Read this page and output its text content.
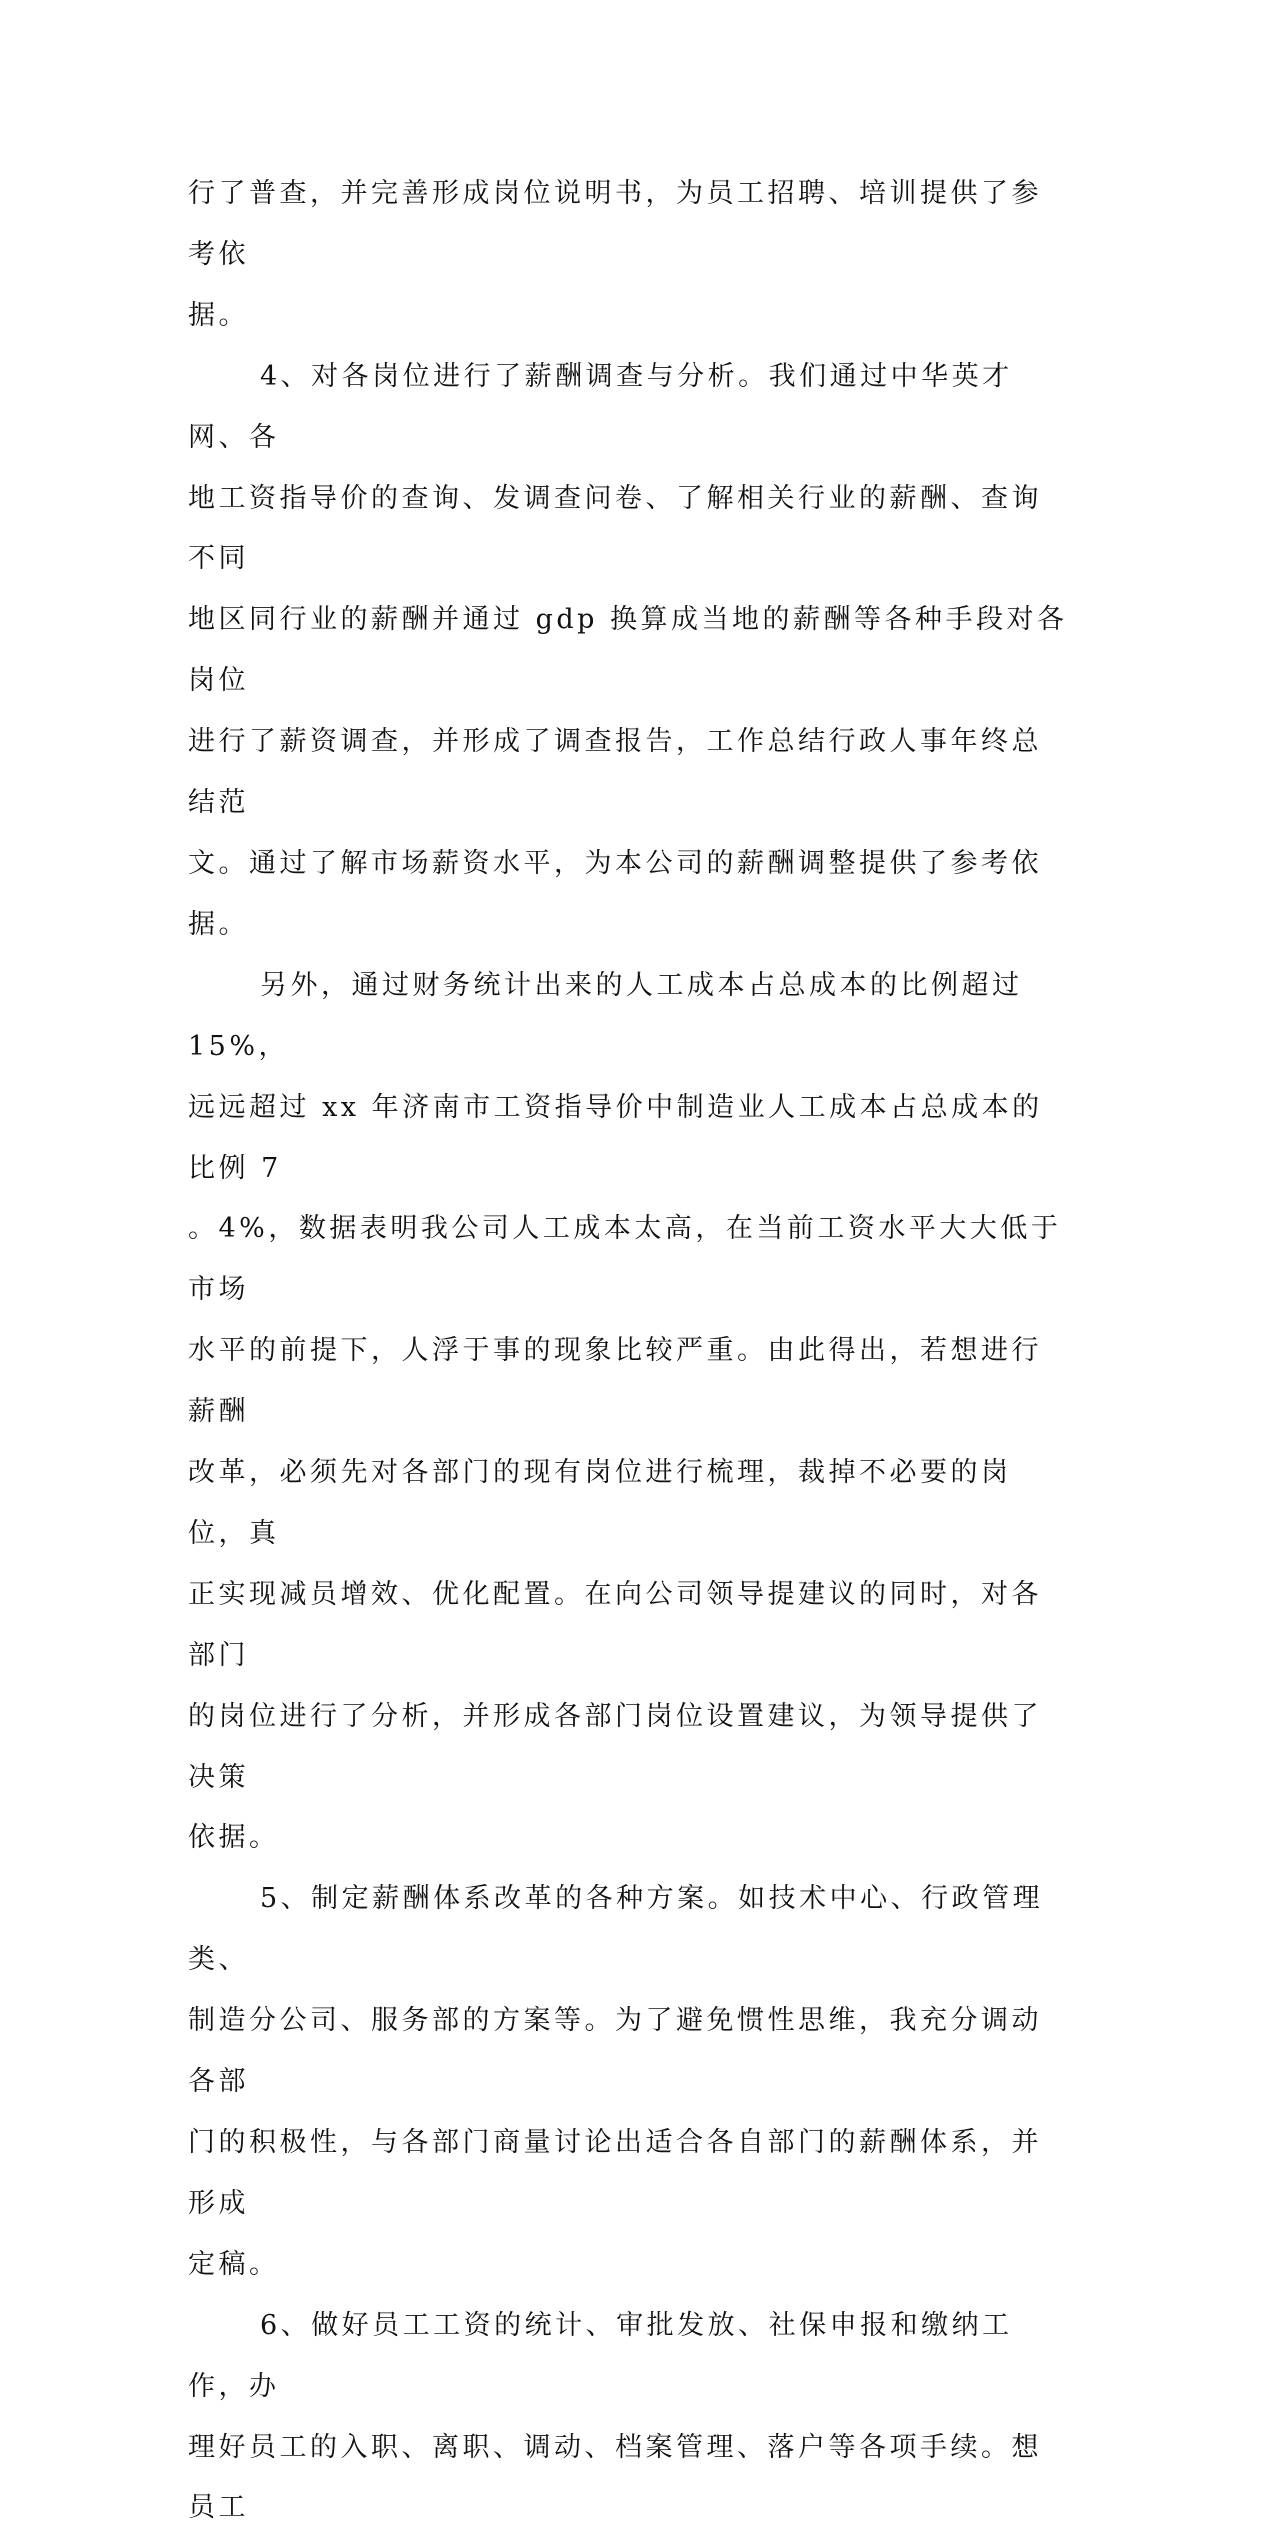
行了普查，并完善形成岗位说明书，为员工招聘、培训提供了参考依

据。

4、对各岗位进行了薪酬调查与分析。我们通过中华英才网、各

地工资指导价的查询、发调查问卷、了解相关行业的薪酬、查询不同

地区同行业的薪酬并通过 gdp 换算成当地的薪酬等各种手段对各岗位

进行了薪资调查，并形成了调查报告，工作总结行政人事年终总结范

文。通过了解市场薪资水平，为本公司的薪酬调整提供了参考依据。

另外，通过财务统计出来的人工成本占总成本的比例超过 15%，

远远超过 xx 年济南市工资指导价中制造业人工成本占总成本的比例 7

。4%，数据表明我公司人工成本太高，在当前工资水平大大低于市场

水平的前提下，人浮于事的现象比较严重。由此得出，若想进行薪酬

改革，必须先对各部门的现有岗位进行梳理，裁掉不必要的岗位，真

正实现减员增效、优化配置。在向公司领导提建议的同时，对各部门

的岗位进行了分析，并形成各部门岗位设置建议，为领导提供了决策

依据。

5、制定薪酬体系改革的各种方案。如技术中心、行政管理类、

制造分公司、服务部的方案等。为了避免惯性思维，我充分调动各部

门的积极性，与各部门商量讨论出适合各自部门的薪酬体系，并形成

定稿。

6、做好员工工资的统计、审批发放、社保申报和缴纳工作，办

理好员工的入职、离职、调动、档案管理、落户等各项手续。想员工
